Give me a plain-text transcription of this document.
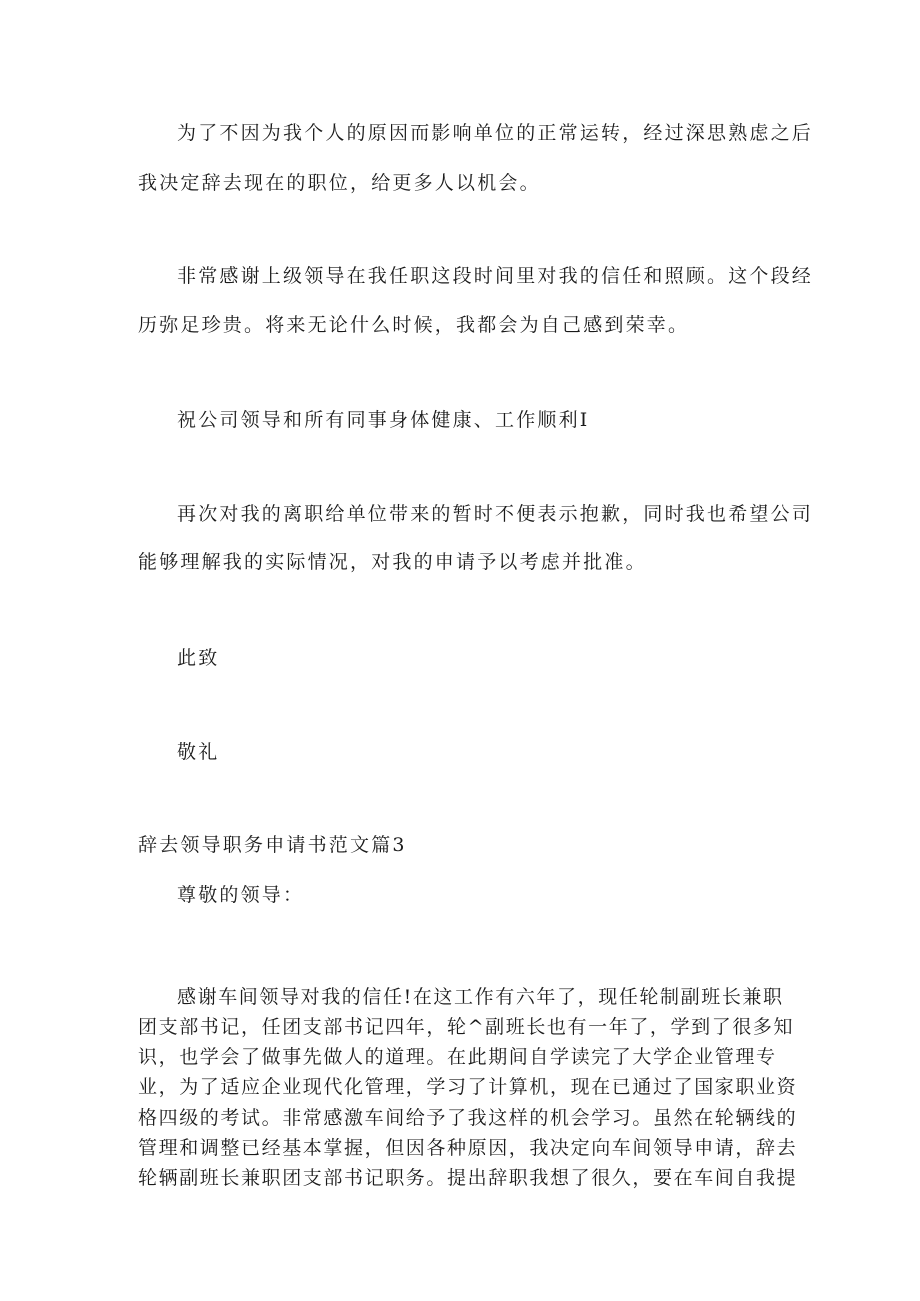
为了不因为我个人的原因而影响单位的正常运转，经过深思熟虑之后
我决定辞去现在的职位，给更多人以机会。
非常感谢上级领导在我任职这段时间里对我的信任和照顾。这个段经
历弥足珍贵。将来无论什么时候，我都会为自己感到荣幸。
祝公司领导和所有同事身体健康、工作顺利I
再次对我的离职给单位带来的暂时不便表示抱歉，同时我也希望公司
能够理解我的实际情况，对我的申请予以考虑并批准。
此致
敬礼
辞去领导职务申请书范文篇3
尊敬的领导：
感谢车间领导对我的信任!在这工作有六年了，现任轮制副班长兼职
团支部书记，任团支部书记四年，轮^副班长也有一年了，学到了很多知
识，也学会了做事先做人的道理。在此期间自学读完了大学企业管理专
业，为了适应企业现代化管理，学习了计算机，现在已通过了国家职业资
格四级的考试。非常感激车间给予了我这样的机会学习。虽然在轮辆线的
管理和调整已经基本掌握，但因各种原因，我决定向车间领导申请，辞去
轮辆副班长兼职团支部书记职务。提出辞职我想了很久，要在车间自我提
